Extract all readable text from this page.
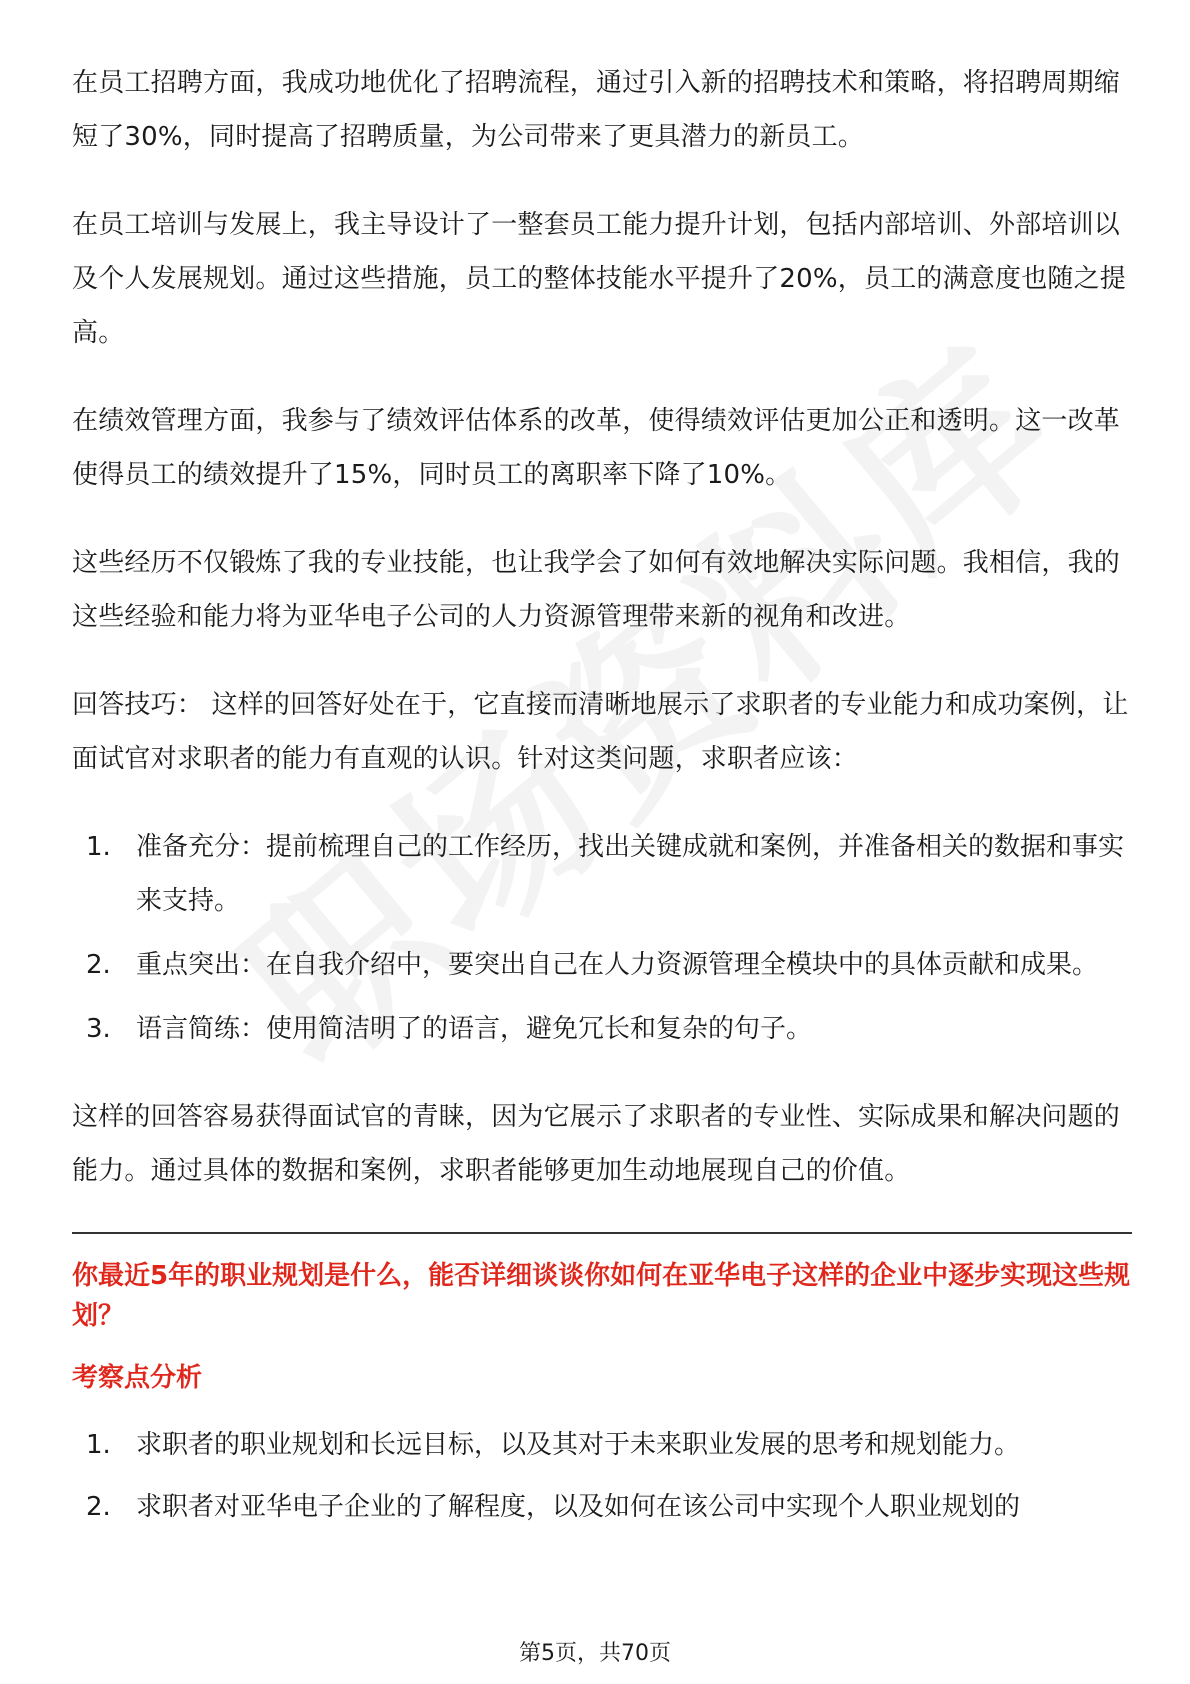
在员工招聘方面，我成功地优化了招聘流程，通过引入新的招聘技术和策略，将招聘周期缩短了30%，同时提高了招聘质量，为公司带来了更具潜力的新员工。

在员工培训与发展上，我主导设计了一整套员工能力提升计划，包括内部培训、外部培训以及个人发展规划。通过这些措施，员工的整体技能水平提升了20%，员工的满意度也随之提高。

在绩效管理方面，我参与了绩效评估体系的改革，使得绩效评估更加公正和透明。这一改革使得员工的绩效提升了15%，同时员工的离职率下降了10%。

这些经历不仅锻炼了我的专业技能，也让我学会了如何有效地解决实际问题。我相信，我的这些经验和能力将为亚华电子公司的人力资源管理带来新的视角和改进。

回答技巧： 这样的回答好处在于，它直接而清晰地展示了求职者的专业能力和成功案例，让面试官对求职者的能力有直观的认识。针对这类问题，求职者应该：

1. 准备充分：提前梳理自己的工作经历，找出关键成就和案例，并准备相关的数据和事实来支持。
2. 重点突出：在自我介绍中，要突出自己在人力资源管理全模块中的具体贡献和成果。
3. 语言简练：使用简洁明了的语言，避免冗长和复杂的句子。

这样的回答容易获得面试官的青睐，因为它展示了求职者的专业性、实际成果和解决问题的能力。通过具体的数据和案例，求职者能够更加生动地展现自己的价值。

你最近5年的职业规划是什么，能否详细谈谈你如何在亚华电子这样的企业中逐步实现这些规划？
考察点分析
1. 求职者的职业规划和长远目标，以及其对于未来职业发展的思考和规划能力。
2. 求职者对亚华电子企业的了解程度，以及如何在该公司中实现个人职业规划的
第5页，共70页
